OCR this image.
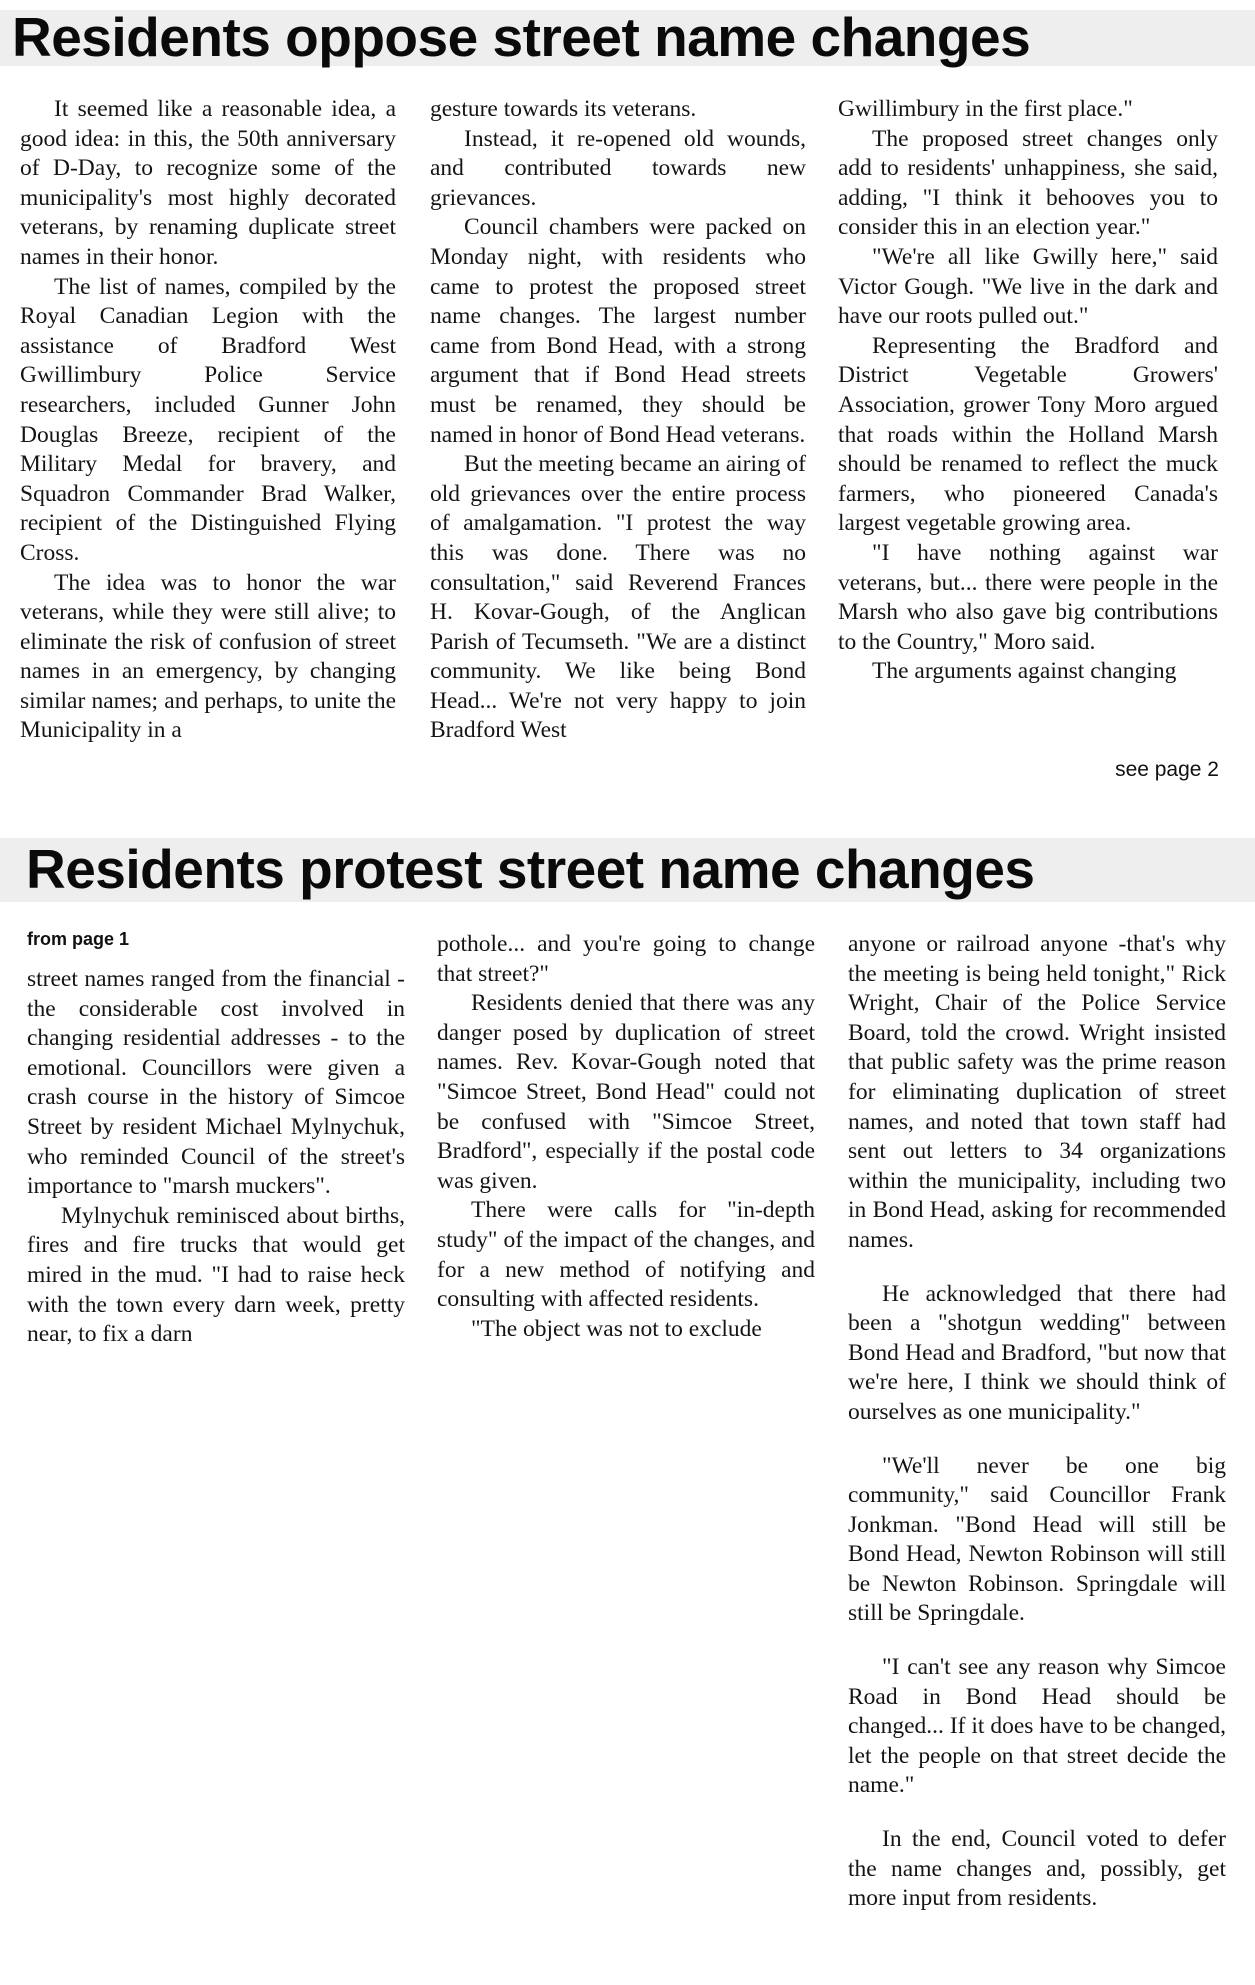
Residents oppose street name changes

It seemed like a reasonable idea, a good idea: in this, the 50th anniversary of D-Day, to recognize some of the municipality's most highly decorated veterans, by renaming duplicate street names in their honor.

The list of names, compiled by the Royal Canadian Legion with the assistance of Bradford West Gwillimbury Police Service researchers, included Gunner John Douglas Breeze, recipient of the Military Medal for bravery, and Squadron Commander Brad Walker, recipient of the Distinguished Flying Cross.

The idea was to honor the war veterans, while they were still alive; to eliminate the risk of confusion of street names in an emergency, by changing similar names; and perhaps, to unite the Municipality in a

gesture towards its veterans.

Instead, it re-opened old wounds, and contributed towards new grievances.

Council chambers were packed on Monday night, with residents who came to protest the proposed street name changes. The largest number came from Bond Head, with a strong argument that if Bond Head streets must be renamed, they should be named in honor of Bond Head veterans.

But the meeting became an airing of old grievances over the entire process of amalgamation. "I protest the way this was done. There was no consultation," said Reverend Frances H. Kovar-Gough, of the Anglican Parish of Tecumseth. "We are a distinct community. We like being Bond Head... We're not very happy to join Bradford West

Gwillimbury in the first place."

The proposed street changes only add to residents' unhappiness, she said, adding, "I think it behooves you to consider this in an election year."

"We're all like Gwilly here," said Victor Gough. "We live in the dark and have our roots pulled out."

Representing the Bradford and District Vegetable Growers' Association, grower Tony Moro argued that roads within the Holland Marsh should be renamed to reflect the muck farmers, who pioneered Canada's largest vegetable growing area.

"I have nothing against war veterans, but... there were people in the Marsh who also gave big contributions to the Country," Moro said.

The arguments against changing

see page 2
Residents protest street name changes
from page 1

street names ranged from the financial - the considerable cost involved in changing residential addresses - to the emotional. Councillors were given a crash course in the history of Simcoe Street by resident Michael Mylnychuk, who reminded Council of the street's importance to "marsh muckers".

Mylnychuk reminisced about births, fires and fire trucks that would get mired in the mud. "I had to raise heck with the town every darn week, pretty near, to fix a darn

pothole... and you're going to change that street?"

Residents denied that there was any danger posed by duplication of street names. Rev. Kovar-Gough noted that "Simcoe Street, Bond Head" could not be confused with "Simcoe Street, Bradford", especially if the postal code was given.

There were calls for "in-depth study" of the impact of the changes, and for a new method of notifying and consulting with affected residents.

"The object was not to exclude

anyone or railroad anyone -that's why the meeting is being held tonight," Rick Wright, Chair of the Police Service Board, told the crowd. Wright insisted that public safety was the prime reason for eliminating duplication of street names, and noted that town staff had sent out letters to 34 organizations within the municipality, including two in Bond Head, asking for recommended names.

He acknowledged that there had been a "shotgun wedding" between Bond Head and Bradford, "but now that we're here, I think we should think of ourselves as one municipality."

"We'll never be one big community," said Councillor Frank Jonkman. "Bond Head will still be Bond Head, Newton Robinson will still be Newton Robinson. Springdale will still be Springdale.

"I can't see any reason why Simcoe Road in Bond Head should be changed... If it does have to be changed, let the people on that street decide the name."

In the end, Council voted to defer the name changes and, possibly, get more input from residents.
